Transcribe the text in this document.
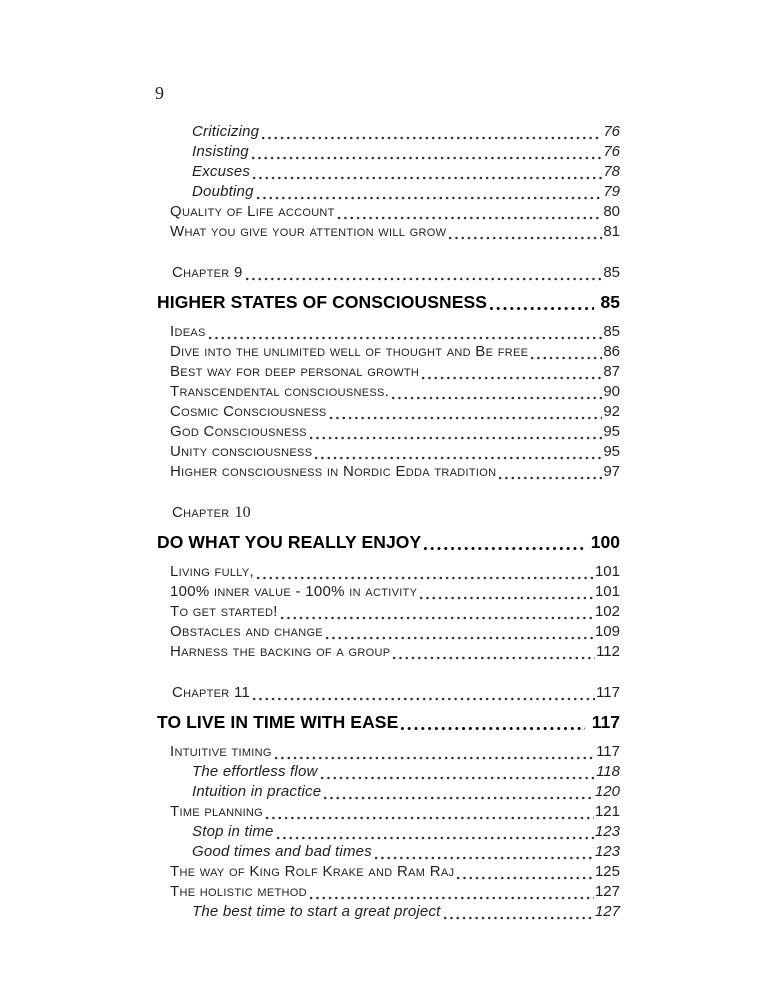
9
Criticizing	76
Insisting	76
Excuses	78
Doubting	79
Quality of Life account	80
What you give your attention will grow	81
Chapter 9	85
HIGHER STATES OF CONSCIOUSNESS	85
Ideas	85
Dive into the unlimited well of thought and Be free	86
Best way for deep personal growth	87
Transcendental consciousness.	90
Cosmic Consciousness	92
God Consciousness	95
Unity consciousness	95
Higher consciousness in Nordic Edda tradition	97
Chapter 10
DO WHAT YOU REALLY ENJOY	100
Living fully,	101
100% inner value - 100% in activity	101
To get started!	102
Obstacles and change	109
Harness the backing of a group	112
Chapter 11	117
TO LIVE IN TIME WITH EASE	117
Intuitive timing	117
The effortless flow	118
Intuition in practice	120
Time planning	121
Stop in time	123
Good times and bad times	123
The way of King Rolf Krake and Ram Raj	125
The holistic method	127
The best time to start a great project	127
